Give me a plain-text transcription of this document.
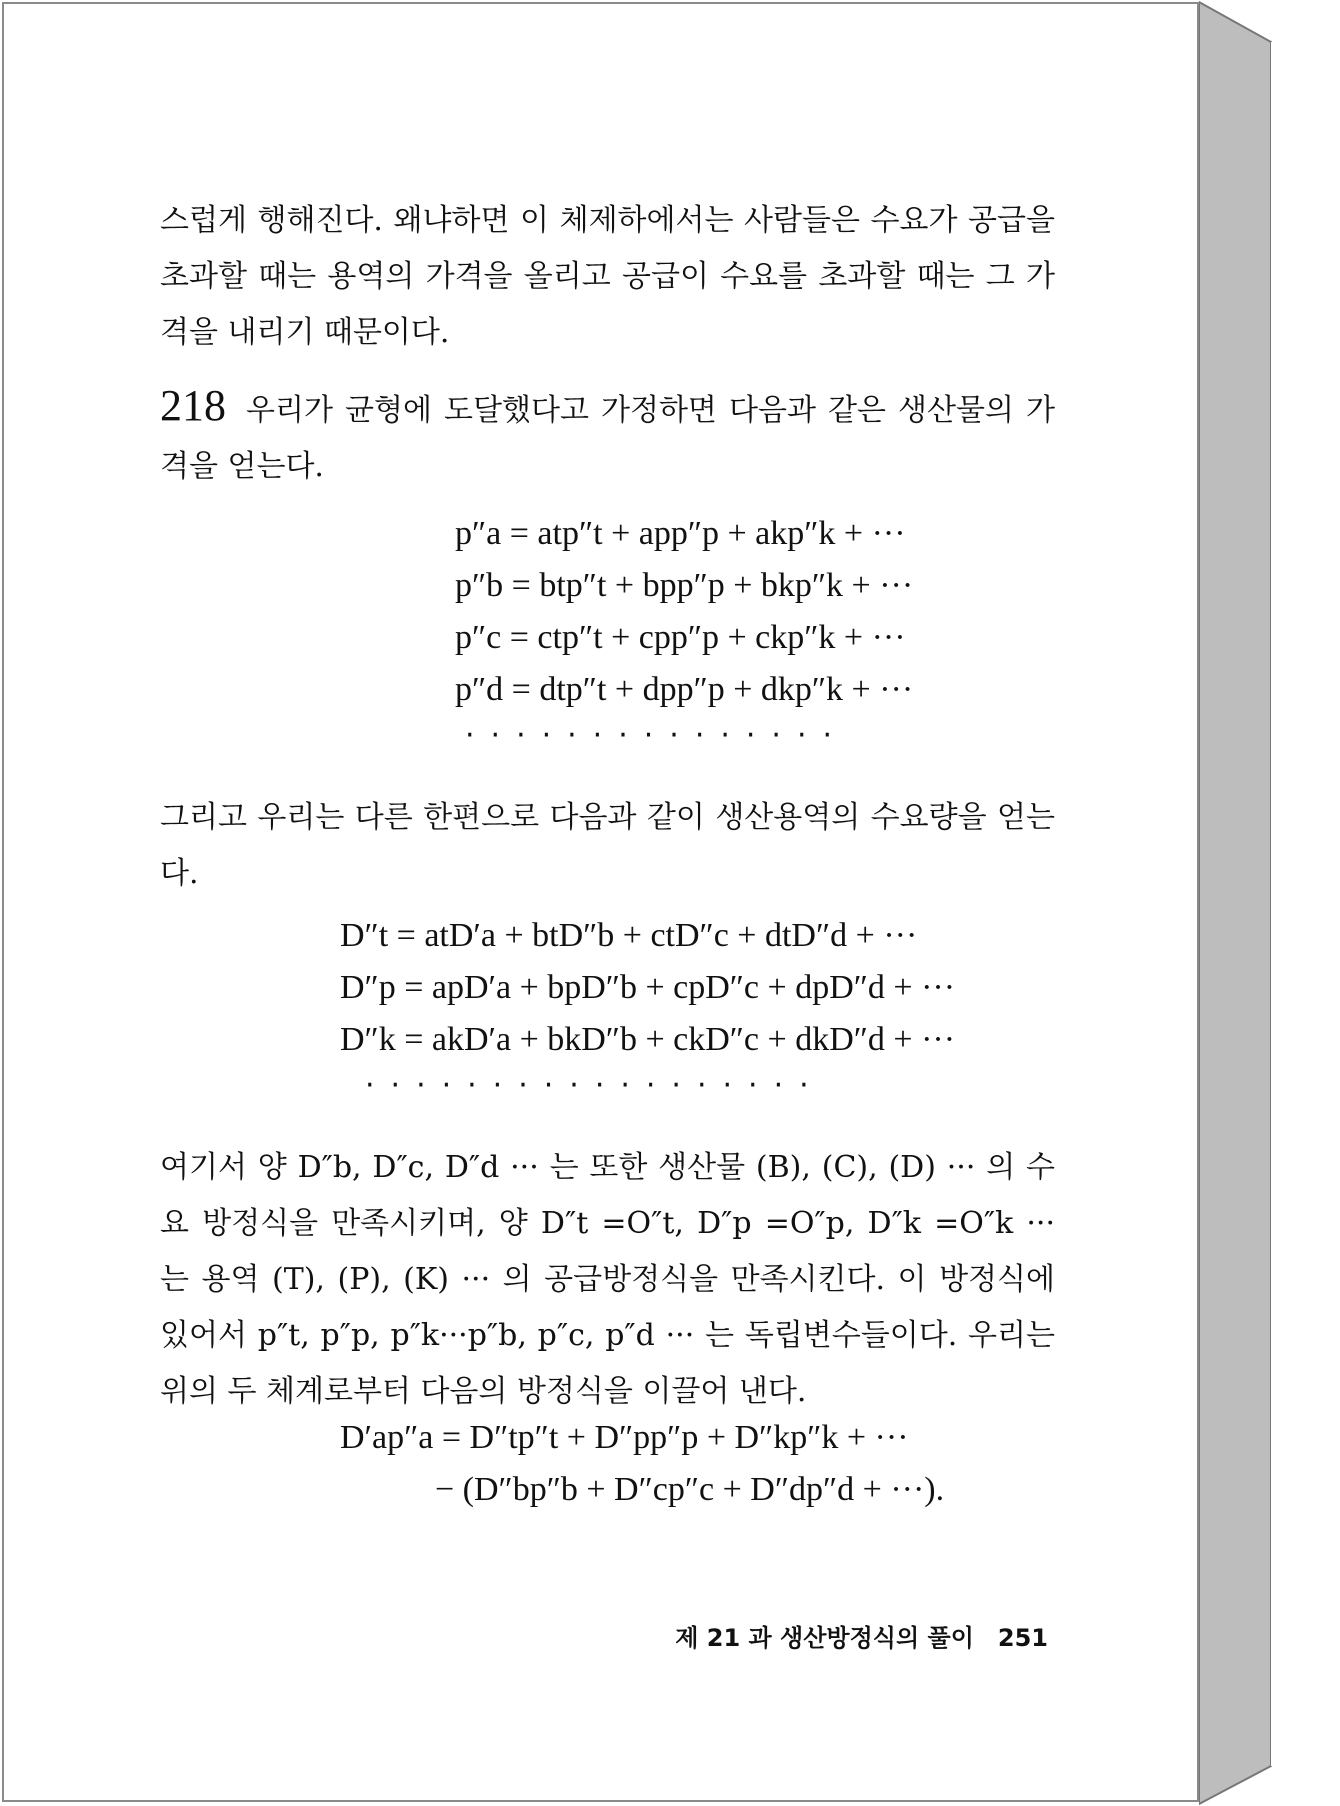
스럽게 행해진다. 왜냐하면 이 체제하에서는 사람들은 수요가 공급을 초과할 때는 용역의 가격을 올리고 공급이 수요를 초과할 때는 그 가격을 내리기 때문이다.

218 우리가 균형에 도달했다고 가정하면 다음과 같은 생산물의 가격을 얻는다.

p″a = atp″t + app″p + akp″k + ···
p″b = btp″t + bpp″p + bkp″k + ···
p″c = ctp″t + cpp″p + ckp″k + ···
p″d = dtp″t + dpp″p + dkp″k + ···
···············

그리고 우리는 다른 한편으로 다음과 같이 생산용역의 수요량을 얻는다.

D″t = atD′a + btD″b + ctD″c + dtD″d + ···
D″p = apD′a + bpD″b + cpD″c + dpD″d + ···
D″k = akD′a + bkD″b + ckD″c + dkD″d + ···
··················

여기서 양 D″b, D″c, D″d ··· 는 또한 생산물 (B), (C), (D) ··· 의 수요 방정식을 만족시키며, 양 D″t =O″t, D″p =O″p, D″k =O″k ··· 는 용역 (T), (P), (K) ··· 의 공급방정식을 만족시킨다. 이 방정식에 있어서 p″t, p″p, p″k···p″b, p″c, p″d ··· 는 독립변수들이다. 우리는 위의 두 체계로부터 다음의 방정식을 이끌어 낸다.

D′ap″a = D″tp″t + D″pp″p + D″kp″k + ···
− (D″bp″b + D″cp″c + D″dp″d + ···).
제 21 과 생산방정식의 풀이 251
